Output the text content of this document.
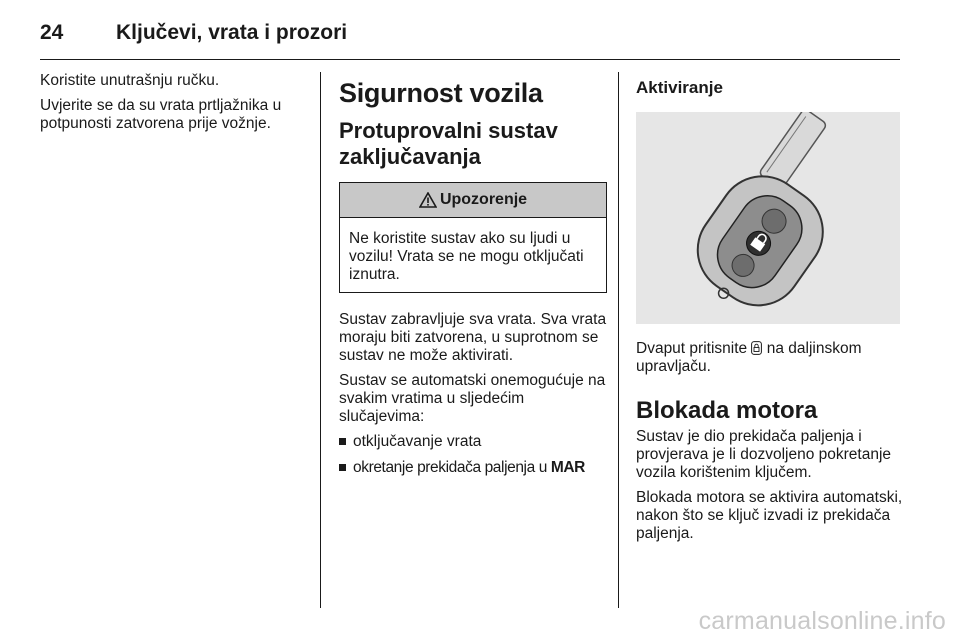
24	Ključevi, vrata i prozori

Koristite unutrašnju ručku.

Uvjerite se da su vrata prtljažnika u potpunosti zatvorena prije vožnje.

Sigurnost vozila
Protuprovalni sustav zaključavanja
Upozorenje

Ne koristite sustav ako su ljudi u vozilu! Vrata se ne mogu otključati iznutra.

Sustav zabravljuje sva vrata. Sva vrata moraju biti zatvorena, u suprotnom se sustav ne može aktivirati.

Sustav se automatski onemogućuje na svakim vratima u sljedećim slučajevima:

otključavanje vrata
okretanje prekidača paljenja u MAR
Aktiviranje

Dvaput pritisnite  na daljinskom upravljaču.

Blokada motora

Sustav je dio prekidača paljenja i provjerava je li dozvoljeno pokretanje vozila korištenim ključem.

Blokada motora se aktivira automatski, nakon što se ključ izvadi iz prekidača paljenja.

carmanualsonline.info
